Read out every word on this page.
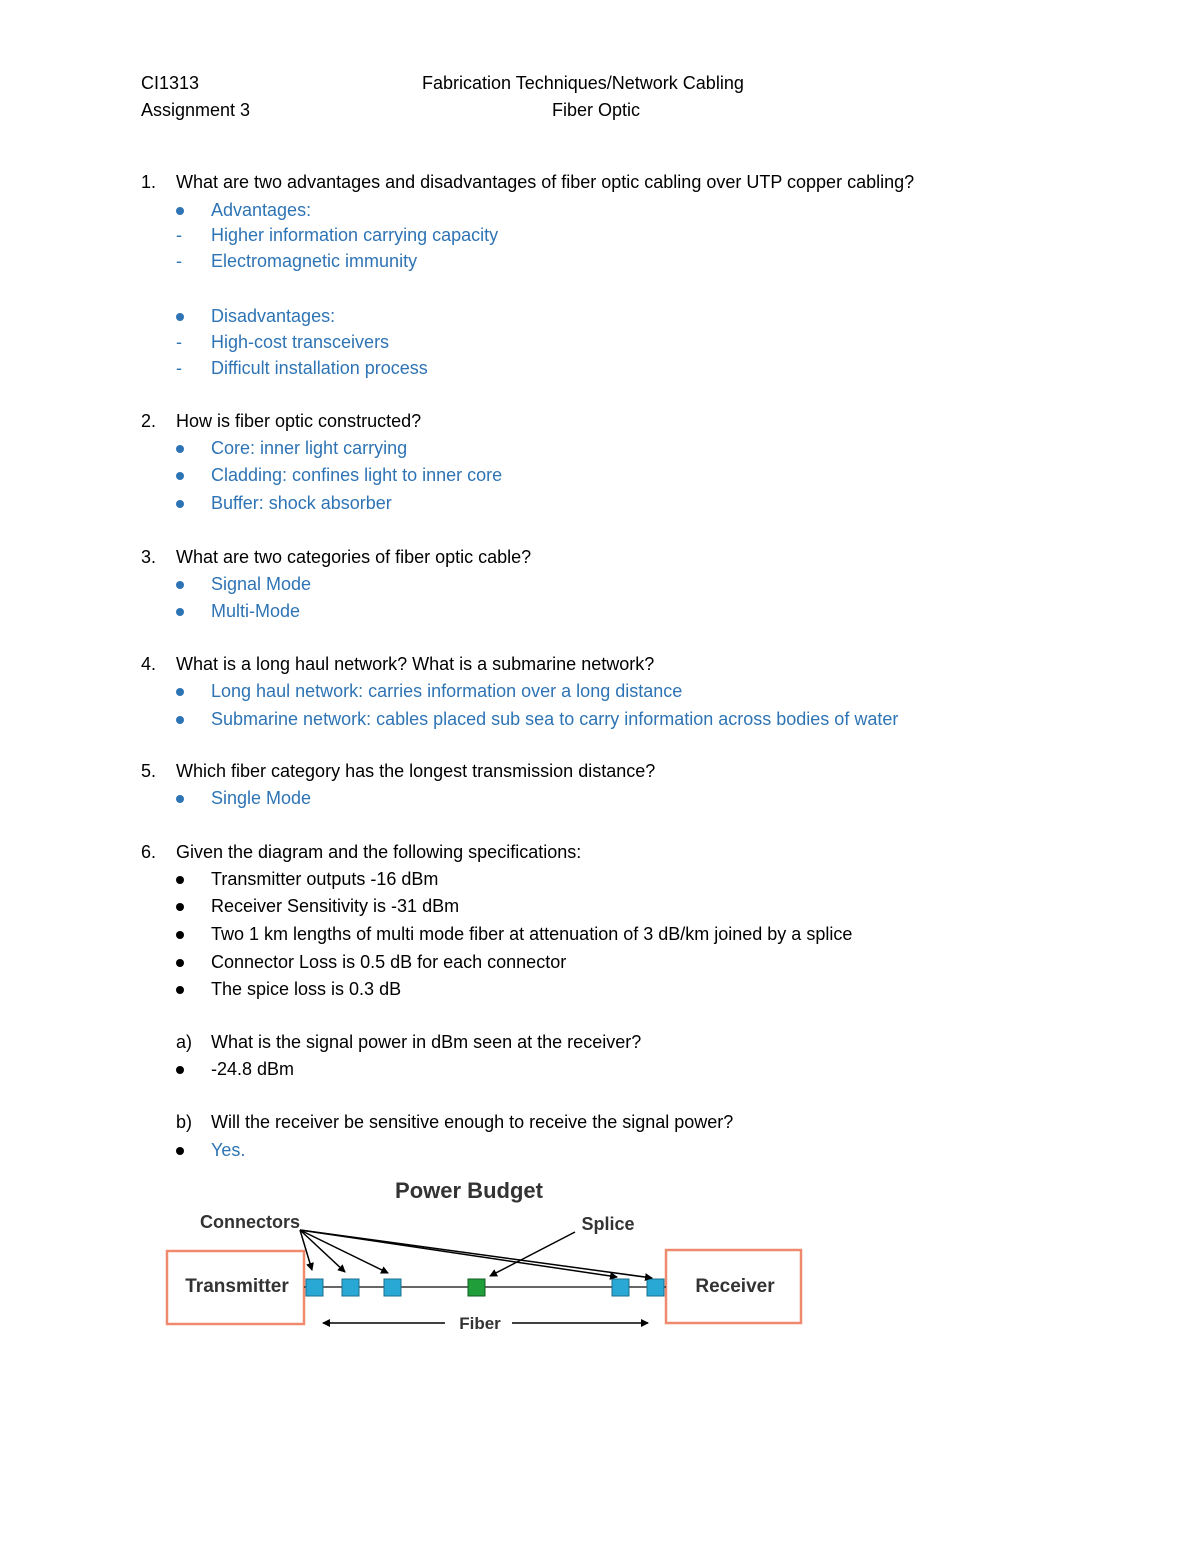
CI1313
Assignment 3
Fabrication Techniques/Network Cabling
Fiber Optic
1. What are two advantages and disadvantages of fiber optic cabling over UTP copper cabling?
Advantages:
- Higher information carrying capacity
- Electromagnetic immunity
Disadvantages:
- High-cost transceivers
- Difficult installation process
2. How is fiber optic constructed?
Core: inner light carrying
Cladding: confines light to inner core
Buffer: shock absorber
3. What are two categories of fiber optic cable?
Signal Mode
Multi-Mode
4. What is a long haul network? What is a submarine network?
Long haul network: carries information over a long distance
Submarine network: cables placed sub sea to carry information across bodies of water
5. Which fiber category has the longest transmission distance?
Single Mode
6. Given the diagram and the following specifications:
Transmitter outputs -16 dBm
Receiver Sensitivity is -31 dBm
Two 1 km lengths of multi mode fiber at attenuation of 3 dB/km joined by a splice
Connector Loss is 0.5 dB for each connector
The spice loss is 0.3 dB
a) What is the signal power in dBm seen at the receiver?
-24.8 dBm
b) Will the receiver be sensitive enough to receive the signal power?
Yes.
Power Budget
Connectors	Splice
Transmitter	Receiver
Fiber
